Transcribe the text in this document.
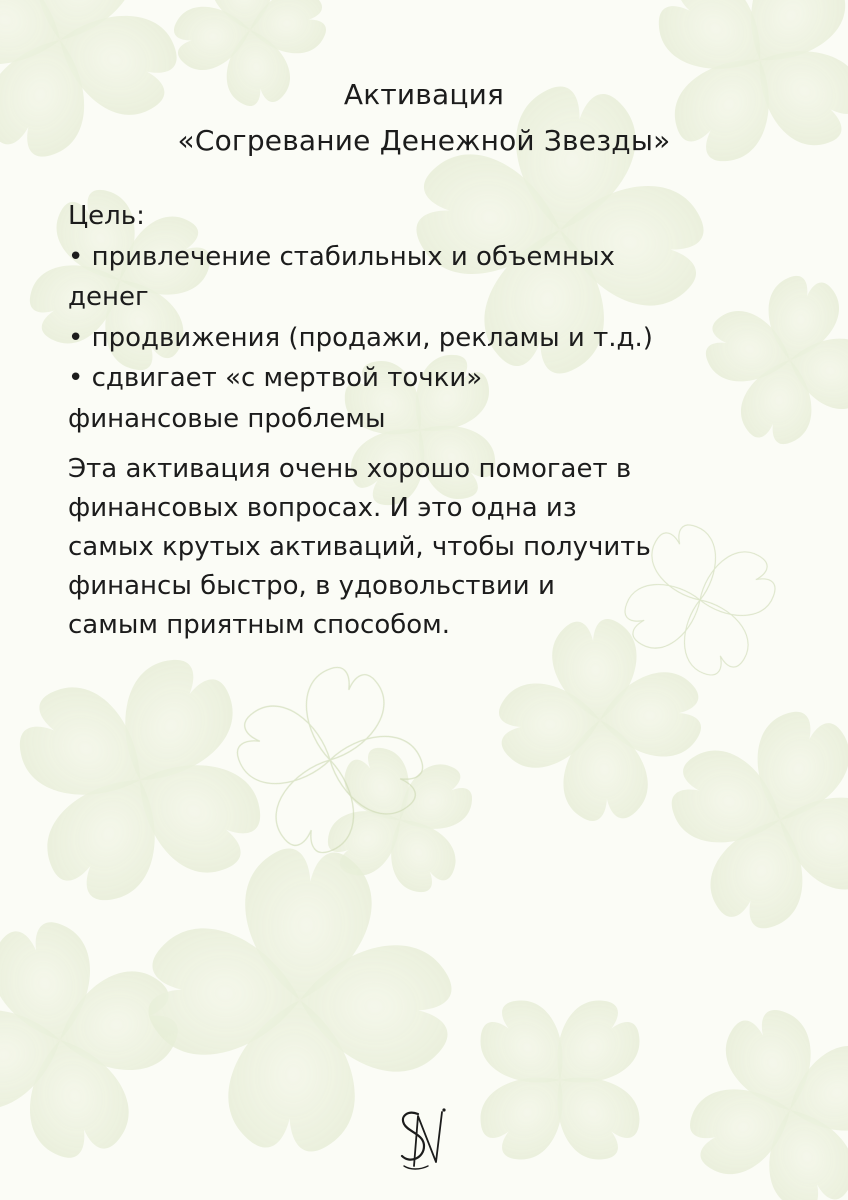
Активация
«Согревание Денежной Звезды»
Цель:
• привлечение стабильных и объемных
денег
• продвижения (продажи, рекламы и т.д.)
• сдвигает «с мертвой точки»
финансовые проблемы
Эта активация очень хорошо помогает в
финансовых вопросах. И это одна из
самых крутых активаций, чтобы получить
финансы быстро, в удовольствии и
самым приятным способом.
